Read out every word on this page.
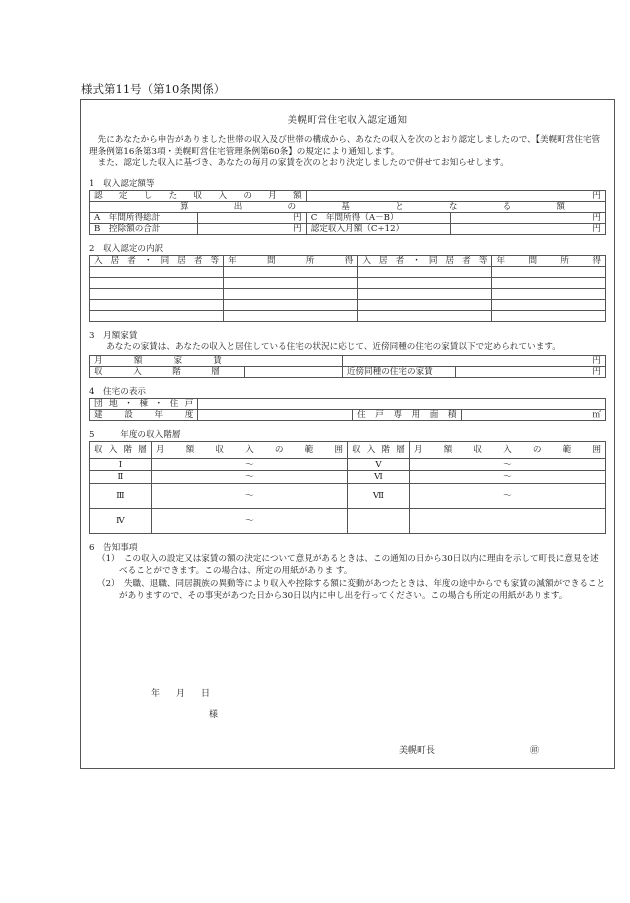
様式第11号（第10条関係）
美幌町営住宅収入認定通知

先にあなたから申告がありました世帯の収入及び世帯の構成から、あなたの収入を次のとおり認定しましたので、【美幌町営住宅管理条例第16条第3項・美幌町営住宅管理条例第60条】の規定により通知します。

また、認定した収入に基づき、あなたの毎月の家賃を次のとおり決定しましたので併せてお知らせします。

1　収入認定額等
認定した収入の月額		円	
算出の基となる額			
A　年間所得総計	円	C　年間所得（A－B）	円
B　控除額の合計	円	認定収入月額（C÷12）	円
2　収入認定の内訳
入居者・同居者等	年間所得	入居者・同居者等	年間所得

3　月額家賃

あなたの家賃は、あなたの収入と居住している住宅の状況に応じて、近傍同種の住宅の家賃以下で定められています。

月額家賃		円	
収入階層		近傍同種の住宅の家賃	円
4　住宅の表示
団地・棟・住戸			
建設年度		住戸専用面積	㎡
5　　　年度の収入階層
収入階層	月額収入の範囲	収入階層	月額収入の範囲
Ⅰ	～	Ⅴ	～
Ⅱ	～	Ⅵ	～
Ⅲ	～	Ⅶ	～
Ⅳ	～		
6　告知事項

（1）　この収入の設定又は家賃の額の決定について意見があるときは、この通知の日から30日以内に理由を示して町長に意見を述べることができます。この場合は、所定の用紙がありま す。

（2）　失職、退職、同居親族の異動等により収入や控除する額に変動があつたときは、年度の途中からでも家賃の減額ができることがありますので、その事実があつた日から30日以内に申し出を行ってください。この場合も所定の用紙があります。

年 月 日
様
美幌町長	㊞
